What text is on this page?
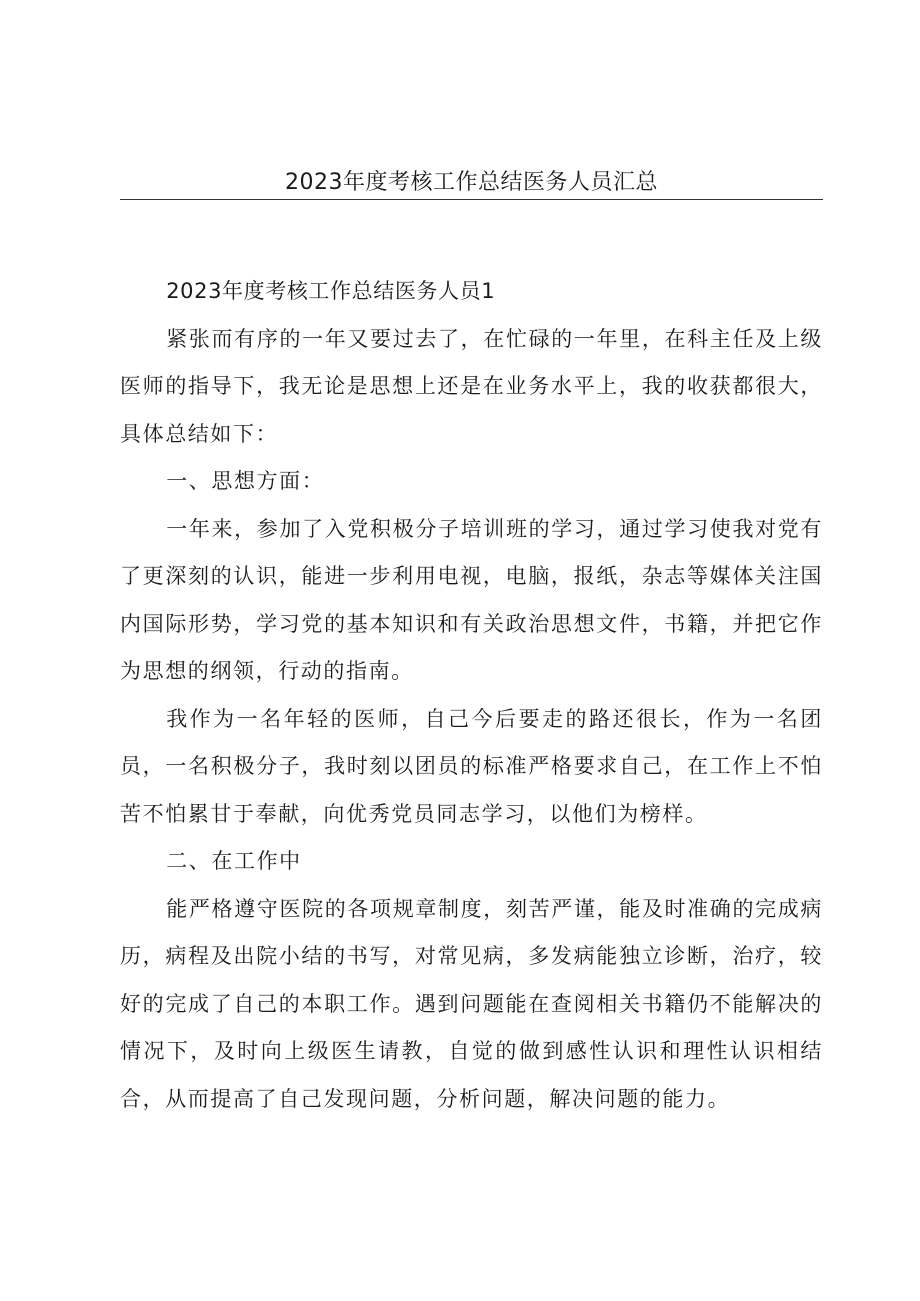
2023年度考核工作总结医务人员汇总

2023年度考核工作总结医务人员1

紧张而有序的一年又要过去了，在忙碌的一年里，在科主任及上级医师的指导下，我无论是思想上还是在业务水平上，我的收获都很大，具体总结如下：

一、思想方面：

一年来，参加了入党积极分子培训班的学习，通过学习使我对党有了更深刻的认识，能进一步利用电视，电脑，报纸，杂志等媒体关注国内国际形势，学习党的基本知识和有关政治思想文件，书籍，并把它作为思想的纲领，行动的指南。

我作为一名年轻的医师，自己今后要走的路还很长，作为一名团员，一名积极分子，我时刻以团员的标准严格要求自己，在工作上不怕苦不怕累甘于奉献，向优秀党员同志学习，以他们为榜样。

二、在工作中

能严格遵守医院的各项规章制度，刻苦严谨，能及时准确的完成病历，病程及出院小结的书写，对常见病，多发病能独立诊断，治疗，较好的完成了自己的本职工作。遇到问题能在查阅相关书籍仍不能解决的情况下，及时向上级医生请教，自觉的做到感性认识和理性认识相结合，从而提高了自己发现问题，分析问题，解决问题的能力。
